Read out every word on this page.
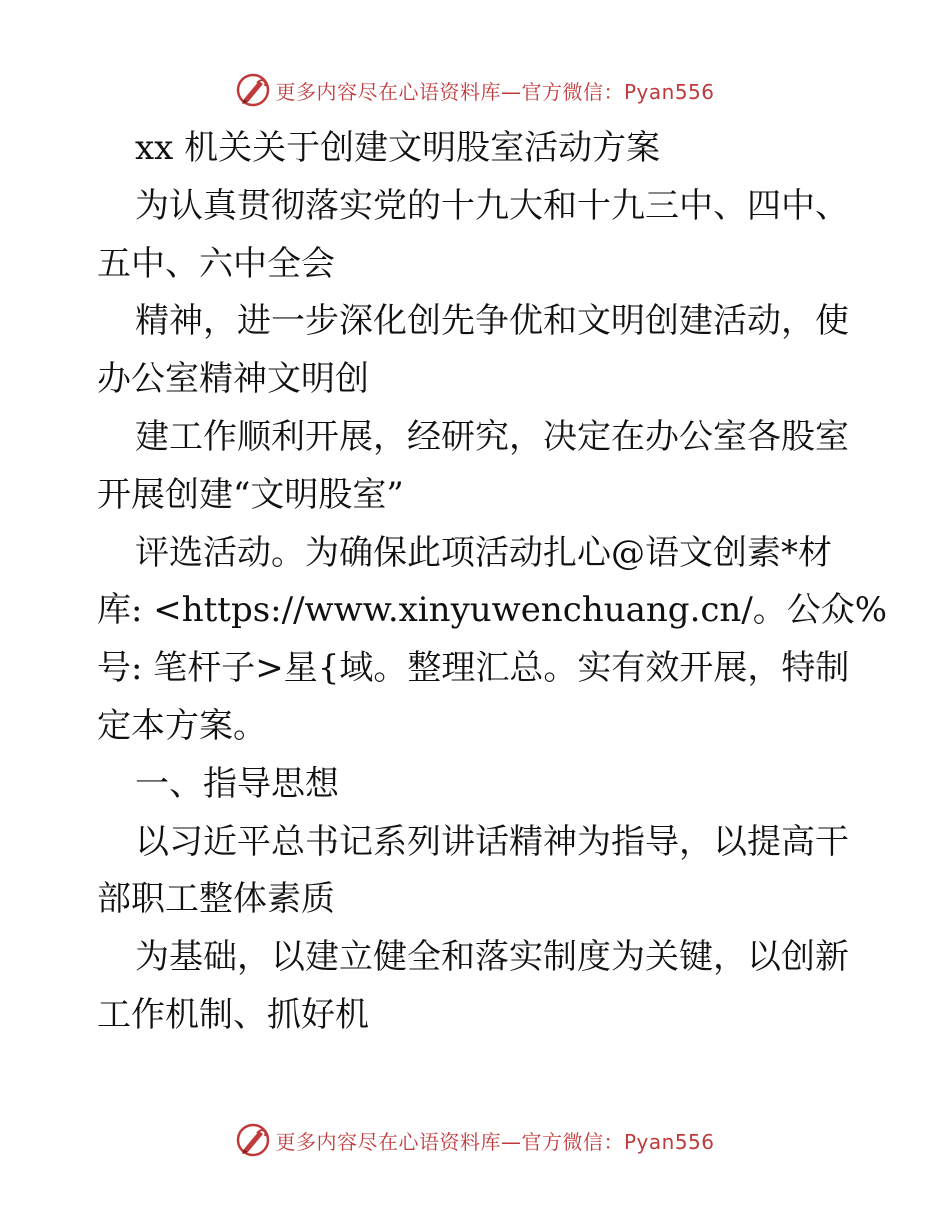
更多内容尽在心语资料库—官方微信：Pyan556
xx 机关关于创建文明股室活动方案
为认真贯彻落实党的十九大和十九三中、四中、
五中、六中全会
精神，进一步深化创先争优和文明创建活动，使
办公室精神文明创
建工作顺利开展，经研究，决定在办公室各股室
开展创建“文明股室”
评选活动。为确保此项活动扎心@语文创素*材
库: <https://www.xinyuwenchuang.cn/。公众%
号: 笔杆子>星{域。整理汇总。实有效开展，特制
定本方案。
一、指导思想
以习近平总书记系列讲话精神为指导，以提高干
部职工整体素质
为基础，以建立健全和落实制度为关键，以创新
工作机制、抓好机
更多内容尽在心语资料库—官方微信：Pyan556
